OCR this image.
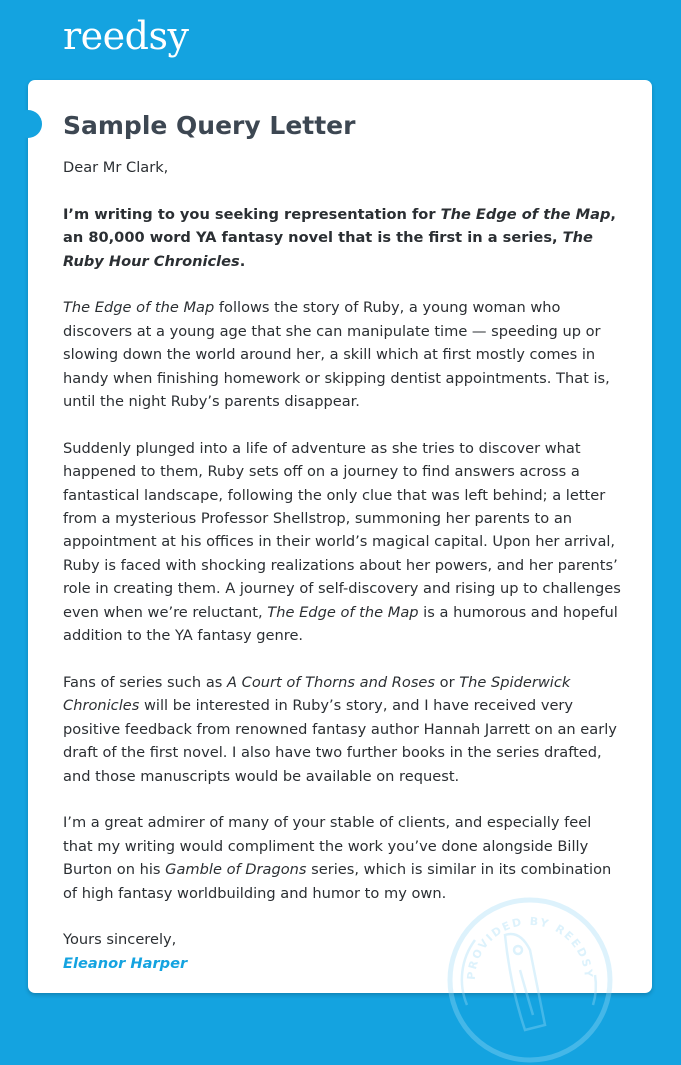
reedsy
Sample Query Letter

Dear Mr Clark,

I’m writing to you seeking representation for The Edge of the Map, an 80,000 word YA fantasy novel that is the first in a series, The Ruby Hour Chronicles.

The Edge of the Map follows the story of Ruby, a young woman who discovers at a young age that she can manipulate time — speeding up or slowing down the world around her, a skill which at first mostly comes in handy when finishing homework or skipping dentist appointments. That is, until the night Ruby’s parents disappear.

Suddenly plunged into a life of adventure as she tries to discover what happened to them, Ruby sets off on a journey to find answers across a fantastical landscape, following the only clue that was left behind; a letter from a mysterious Professor Shellstrop, summoning her parents to an appointment at his offices in their world’s magical capital. Upon her arrival, Ruby is faced with shocking realizations about her powers, and her parents’ role in creating them. A journey of self-discovery and rising up to challenges even when we’re reluctant, The Edge of the Map is a humorous and hopeful addition to the YA fantasy genre.

Fans of series such as A Court of Thorns and Roses or The Spiderwick Chronicles will be interested in Ruby’s story, and I have received very positive feedback from renowned fantasy author Hannah Jarrett on an early draft of the first novel. I also have two further books in the series drafted, and those manuscripts would be available on request.

I’m a great admirer of many of your stable of clients, and especially feel that my writing would compliment the work you’ve done alongside Billy Burton on his Gamble of Dragons series, which is similar in its combination of high fantasy worldbuilding and humor to my own.

Yours sincerely,
Eleanor Harper
PROVIDED BY REEDSY
